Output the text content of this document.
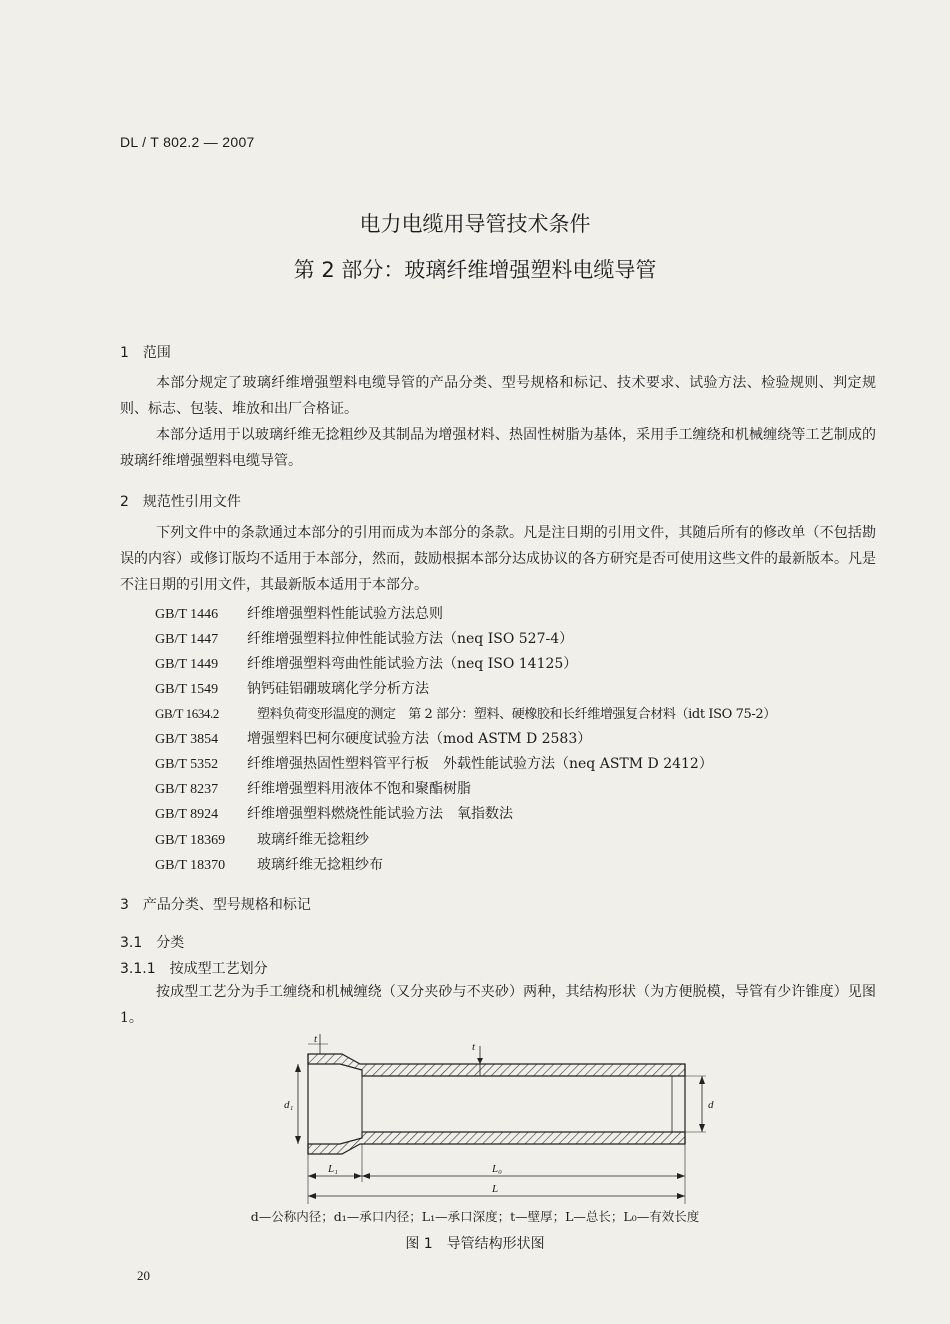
DL / T 802.2 — 2007
电力电缆用导管技术条件
第 2 部分：玻璃纤维增强塑料电缆导管
1　范围
本部分规定了玻璃纤维增强塑料电缆导管的产品分类、型号规格和标记、技术要求、试验方法、检验规则、判定规则、标志、包装、堆放和出厂合格证。
本部分适用于以玻璃纤维无捻粗纱及其制品为增强材料、热固性树脂为基体，采用手工缠绕和机械缠绕等工艺制成的玻璃纤维增强塑料电缆导管。
2　规范性引用文件
下列文件中的条款通过本部分的引用而成为本部分的条款。凡是注日期的引用文件，其随后所有的修改单（不包括勘误的内容）或修订版均不适用于本部分，然而，鼓励根据本部分达成协议的各方研究是否可使用这些文件的最新版本。凡是不注日期的引用文件，其最新版本适用于本部分。
GB/T 1446 纤维增强塑料性能试验方法总则
GB/T 1447 纤维增强塑料拉伸性能试验方法（neq ISO 527-4）
GB/T 1449 纤维增强塑料弯曲性能试验方法（neq ISO 14125）
GB/T 1549 钠钙硅铝硼玻璃化学分析方法
GB/T 1634.2	塑料负荷变形温度的测定　第 2 部分：塑料、硬橡胶和长纤维增强复合材料（idt ISO 75-2）
GB/T 3854 增强塑料巴柯尔硬度试验方法（mod ASTM D 2583）
GB/T 5352 纤维增强热固性塑料管平行板　外载性能试验方法（neq ASTM D 2412）
GB/T 8237 纤维增强塑料用液体不饱和聚酯树脂
GB/T 8924 纤维增强塑料燃烧性能试验方法　氧指数法
GB/T 18369 玻璃纤维无捻粗纱
GB/T 18370 玻璃纤维无捻粗纱布
3　产品分类、型号规格和标记
3.1　分类
3.1.1　按成型工艺划分
按成型工艺分为手工缠绕和机械缠绕（又分夹砂与不夹砂）两种，其结构形状（为方便脱模，导管有少许锥度）见图 1。
d₁	d
t
t
L₁	L₀
L
d—公称内径；d₁—承口内径；L₁—承口深度；t—壁厚；L—总长；L₀—有效长度
图 1　导管结构形状图
20
